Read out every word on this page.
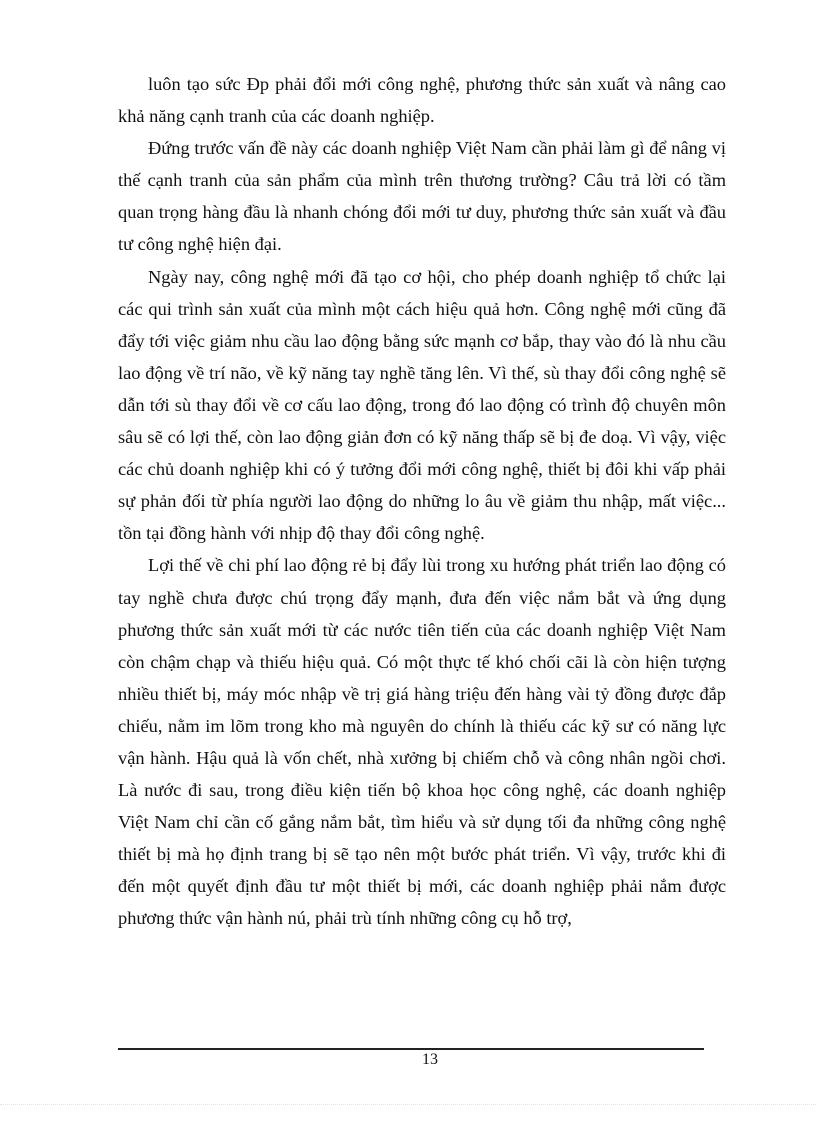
luôn tạo sức Đp phải đổi mới công nghệ, phương thức sản xuất và nâng cao khả năng cạnh tranh của các doanh nghiệp.

Đứng trước vấn đề này các doanh nghiệp Việt Nam cần phải làm gì để nâng vị thế cạnh tranh của sản phẩm của mình trên thương trường? Câu trả lời có tầm quan trọng hàng đầu là nhanh chóng đổi mới tư duy, phương thức sản xuất và đầu tư công nghệ hiện đại.

Ngày nay, công nghệ mới đã tạo cơ hội, cho phép doanh nghiệp tổ chức lại các qui trình sản xuất của mình một cách hiệu quả hơn. Công nghệ mới cũng đã đẩy tới việc giảm nhu cầu lao động bằng sức mạnh cơ bắp, thay vào đó là nhu cầu lao động về trí não, về kỹ năng tay nghề tăng lên. Vì thế, sù thay đổi công nghệ sẽ dẫn tới sù thay đổi về cơ cấu lao động, trong đó lao động có trình độ chuyên môn sâu sẽ có lợi thế, còn lao động giản đơn có kỹ năng thấp sẽ bị đe doạ. Vì vậy, việc các chủ doanh nghiệp khi có ý tưởng đổi mới công nghệ, thiết bị đôi khi vấp phải sự phản đối từ phía người lao động do những lo âu về giảm thu nhập, mất việc... tồn tại đồng hành với nhịp độ thay đổi công nghệ.

Lợi thế về chi phí lao động rẻ bị đẩy lùi trong xu hướng phát triển lao động có tay nghề chưa được chú trọng đẩy mạnh, đưa đến việc nắm bắt và ứng dụng phương thức sản xuất mới từ các nước tiên tiến của các doanh nghiệp Việt Nam còn chậm chạp và thiếu hiệu quả. Có một thực tế khó chối cãi là còn hiện tượng nhiều thiết bị, máy móc nhập về trị giá hàng triệu đến hàng vài tỷ đồng được đắp chiếu, nằm im lõm trong kho mà nguyên do chính là thiếu các kỹ sư có năng lực vận hành. Hậu quả là vốn chết, nhà xưởng bị chiếm chỗ và công nhân ngồi chơi. Là nước đi sau, trong điều kiện tiến bộ khoa học công nghệ, các doanh nghiệp Việt Nam chỉ cần cố gắng nắm bắt, tìm hiểu và sử dụng tối đa những công nghệ thiết bị mà họ định trang bị sẽ tạo nên một bước phát triển. Vì vậy, trước khi đi đến một quyết định đầu tư một thiết bị mới, các doanh nghiệp phải nắm được phương thức vận hành nú, phải trù tính những công cụ hỗ trợ,

13
